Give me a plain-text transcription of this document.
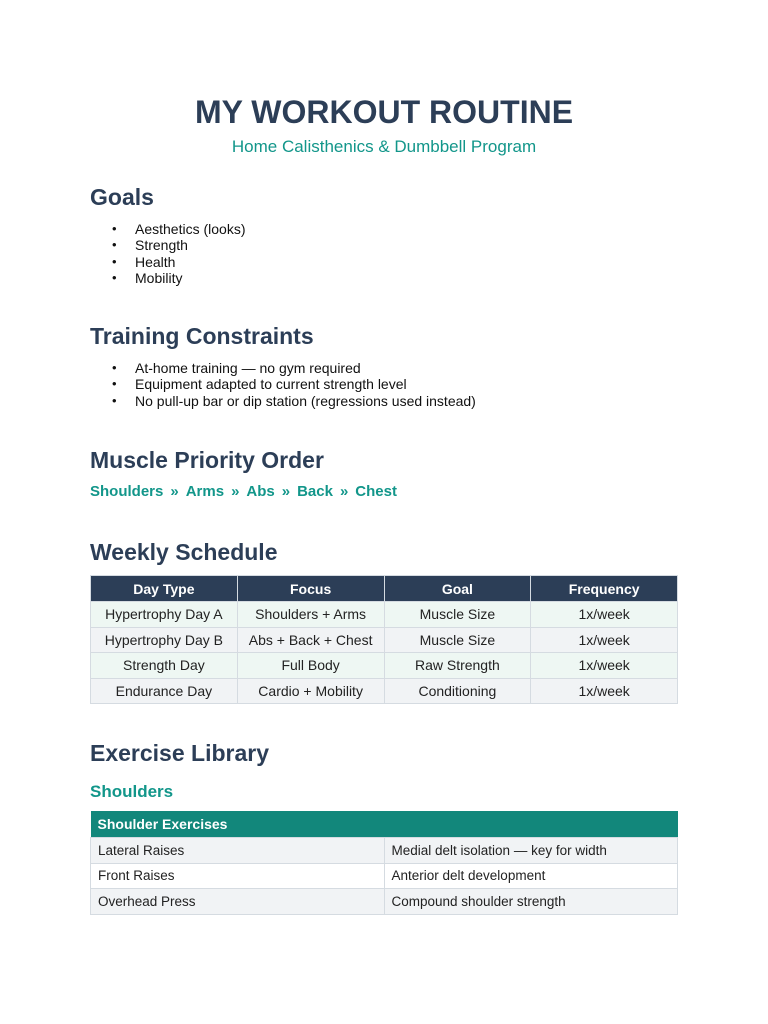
MY WORKOUT ROUTINE
Home Calisthenics & Dumbbell Program
Goals
• Aesthetics (looks)
• Strength
• Health
• Mobility
Training Constraints
• At-home training — no gym required
• Equipment adapted to current strength level
• No pull-up bar or dip station (regressions used instead)
Muscle Priority Order
Shoulders » Arms » Abs » Back » Chest
Weekly Schedule
Day Type	Focus	Goal	Frequency
Hypertrophy Day A	Shoulders + Arms	Muscle Size	1x/week
Hypertrophy Day B	Abs + Back + Chest	Muscle Size	1x/week
Strength Day	Full Body	Raw Strength	1x/week
Endurance Day	Cardio + Mobility	Conditioning	1x/week
Exercise Library
Shoulders
Shoulder Exercises	
Lateral Raises	Medial delt isolation — key for width
Front Raises	Anterior delt development
Overhead Press	Compound shoulder strength
